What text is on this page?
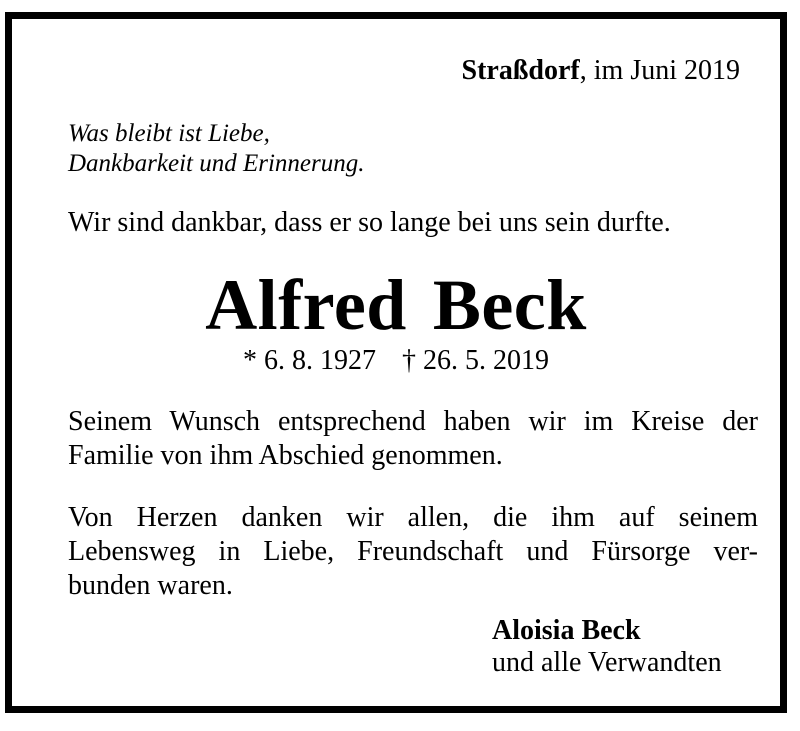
Straßdorf, im Juni 2019
Was bleibt ist Liebe,
Dankbarkeit und Erinnerung.
Wir sind dankbar, dass er so lange bei uns sein durfte.
Alfred Beck
* 6. 8. 1927 † 26. 5. 2019
Seinem Wunsch entsprechend haben wir im Kreise der
Familie von ihm Abschied genommen.
Von Herzen danken wir allen, die ihm auf seinem
Lebensweg in Liebe, Freundschaft und Fürsorge ver-
bunden waren.
Aloisia Beck
und alle Verwandten
